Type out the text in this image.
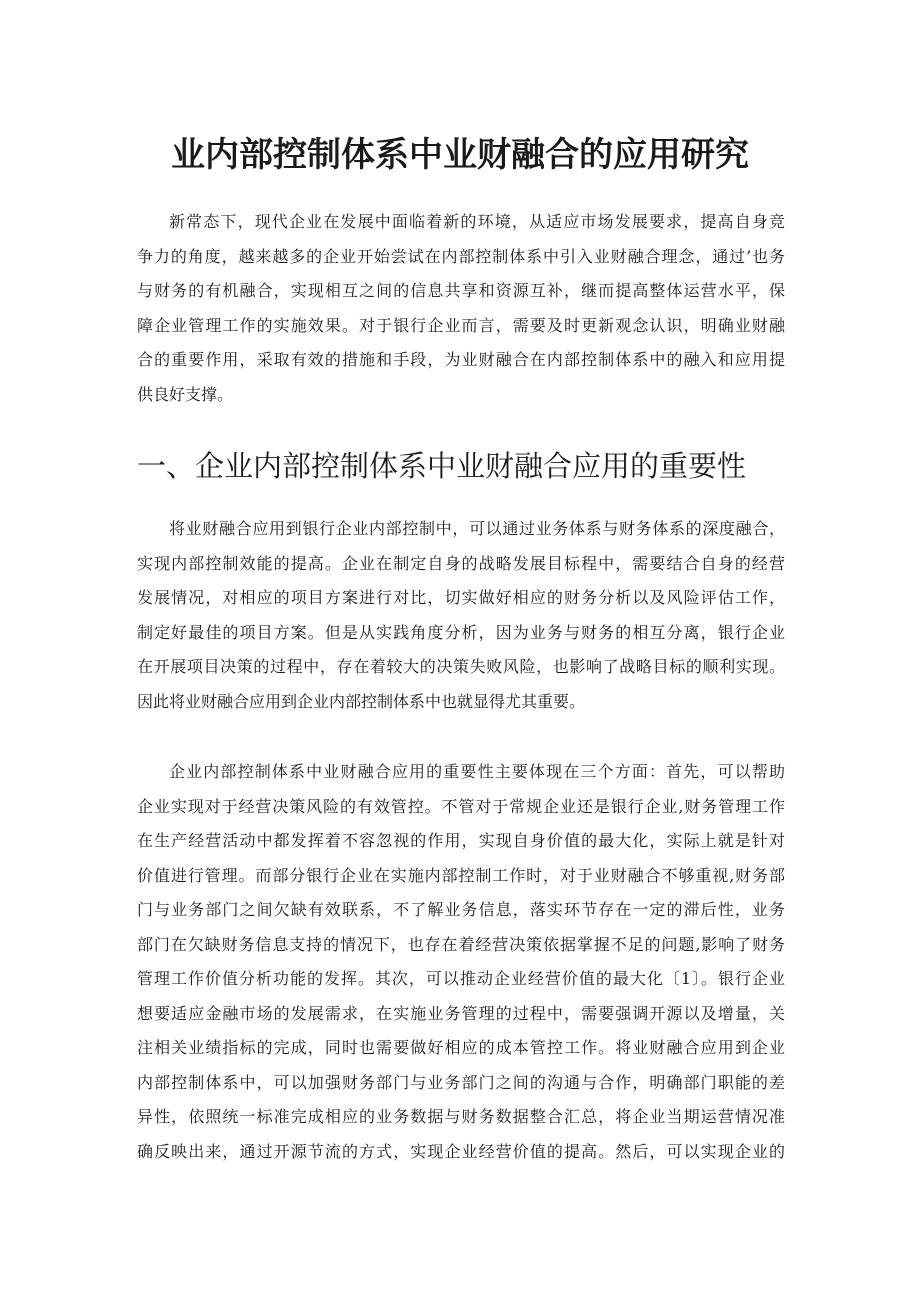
业内部控制体系中业财融合的应用研究
新常态下，现代企业在发展中面临着新的环境，从适应市场发展要求，提高自身竞
争力的角度，越来越多的企业开始尝试在内部控制体系中引入业财融合理念，通过’也务
与财务的有机融合，实现相互之间的信息共享和资源互补，继而提高整体运营水平，保
障企业管理工作的实施效果。对于银行企业而言，需要及时更新观念认识，明确业财融
合的重要作用，采取有效的措施和手段，为业财融合在内部控制体系中的融入和应用提
供良好支撑。
一、企业内部控制体系中业财融合应用的重要性
将业财融合应用到银行企业内部控制中，可以通过业务体系与财务体系的深度融合，
实现内部控制效能的提高。企业在制定自身的战略发展目标程中，需要结合自身的经营
发展情况，对相应的项目方案进行对比，切实做好相应的财务分析以及风险评估工作，
制定好最佳的项目方案。但是从实践角度分析，因为业务与财务的相互分离，银行企业
在开展项目决策的过程中，存在着较大的决策失败风险，也影响了战略目标的顺利实现。
因此将业财融合应用到企业内部控制体系中也就显得尤其重要。
企业内部控制体系中业财融合应用的重要性主要体现在三个方面：首先，可以帮助
企业实现对于经营决策风险的有效管控。不管对于常规企业还是银行企业,财务管理工作
在生产经营活动中都发挥着不容忽视的作用，实现自身价值的最大化，实际上就是针对
价值进行管理。而部分银行企业在实施内部控制工作时，对于业财融合不够重视,财务部
门与业务部门之间欠缺有效联系，不了解业务信息，落实环节存在一定的滞后性，业务
部门在欠缺财务信息支持的情况下，也存在着经营决策依据掌握不足的问题,影响了财务
管理工作价值分析功能的发挥。其次，可以推动企业经营价值的最大化〔1〕。银行企业
想要适应金融市场的发展需求，在实施业务管理的过程中，需要强调开源以及增量，关
注相关业绩指标的完成，同时也需要做好相应的成本管控工作。将业财融合应用到企业
内部控制体系中，可以加强财务部门与业务部门之间的沟通与合作，明确部门职能的差
异性，依照统一标准完成相应的业务数据与财务数据整合汇总，将企业当期运营情况准
确反映出来，通过开源节流的方式，实现企业经营价值的提高。然后，可以实现企业的
